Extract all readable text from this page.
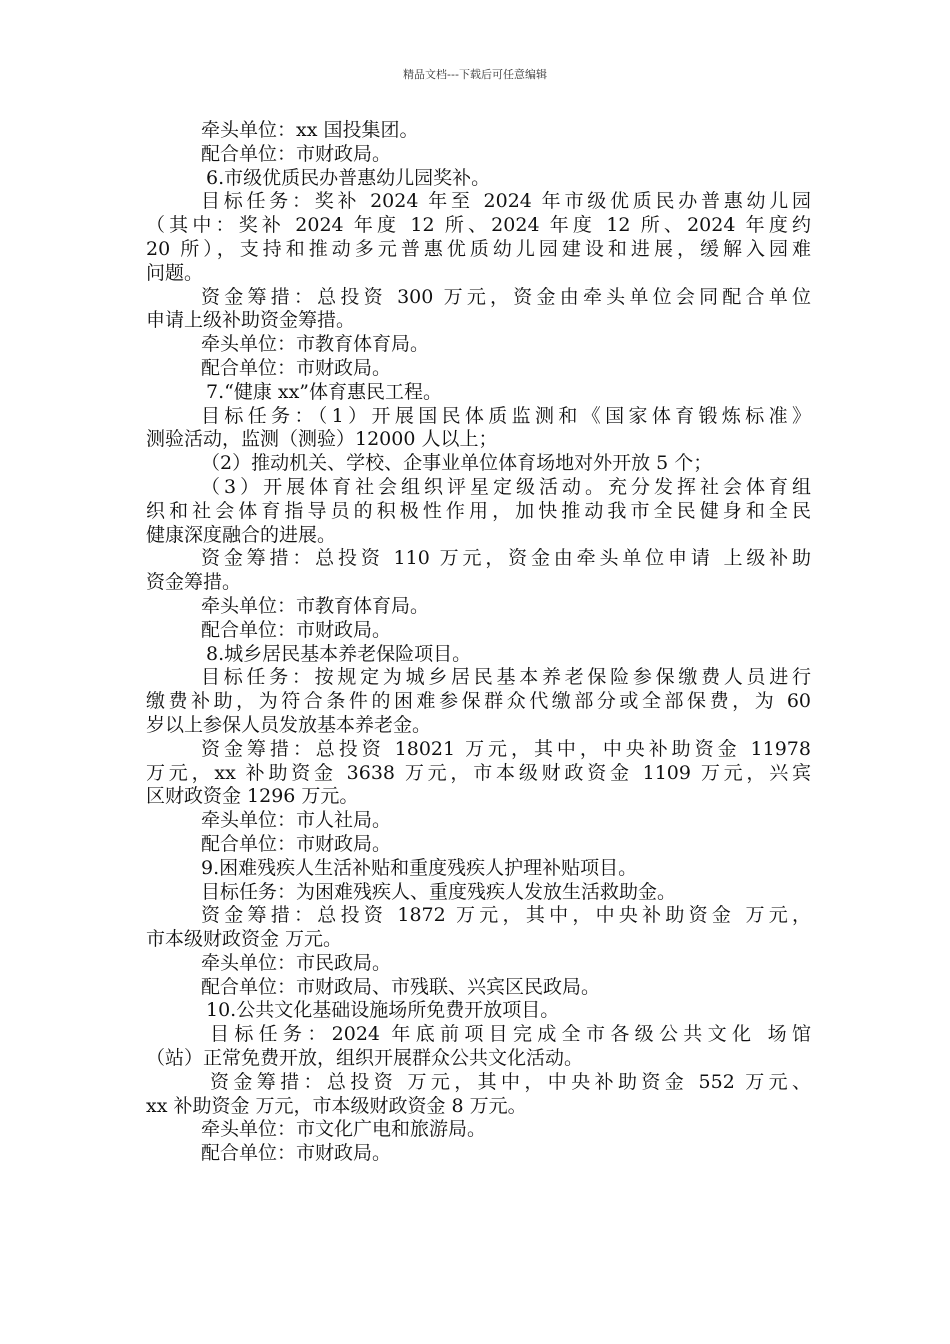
精品文档---下载后可任意编辑
牵头单位：xx 国投集团。
配合单位：市财政局。
6.市级优质民办普惠幼儿园奖补。
目标任务：奖补 2024 年至 2024 年市级优质民办普惠幼儿园
（其中：奖补 2024 年度 12 所、2024 年度 12 所、2024 年度约
20 所），支持和推动多元普惠优质幼儿园建设和进展，缓解入园难
问题。
资金筹措：总投资 300 万元，资金由牵头单位会同配合单位
申请上级补助资金筹措。
牵头单位：市教育体育局。
配合单位：市财政局。
7.“健康 xx”体育惠民工程。
目标任务：（1）开展国民体质监测和《国家体育锻炼标准》
测验活动，监测（测验）12000 人以上；
（2）推动机关、学校、企事业单位体育场地对外开放 5 个；
（3）开展体育社会组织评星定级活动。充分发挥社会体育组
织和社会体育指导员的积极性作用，加快推动我市全民健身和全民
健康深度融合的进展。
资金筹措：总投资 110 万元，资金由牵头单位申请 上级补助
资金筹措。
牵头单位：市教育体育局。
配合单位：市财政局。
8.城乡居民基本养老保险项目。
目标任务：按规定为城乡居民基本养老保险参保缴费人员进行
缴费补助，为符合条件的困难参保群众代缴部分或全部保费，为 60
岁以上参保人员发放基本养老金。
资金筹措：总投资 18021 万元，其中，中央补助资金 11978
万元，xx 补助资金 3638 万元，市本级财政资金 1109 万元，兴宾
区财政资金 1296 万元。
牵头单位：市人社局。
配合单位：市财政局。
9.困难残疾人生活补贴和重度残疾人护理补贴项目。
目标任务：为困难残疾人、重度残疾人发放生活救助金。
资金筹措：总投资 1872 万元，其中，中央补助资金 万元，
市本级财政资金 万元。
牵头单位：市民政局。
配合单位：市财政局、市残联、兴宾区民政局。
10.公共文化基础设施场所免费开放项目。
目标任务：2024 年底前项目完成全市各级公共文化 场馆
（站）正常免费开放，组织开展群众公共文化活动。
资金筹措：总投资 万元，其中，中央补助资金 552 万元、
xx 补助资金 万元，市本级财政资金 8 万元。
牵头单位：市文化广电和旅游局。
配合单位：市财政局。
